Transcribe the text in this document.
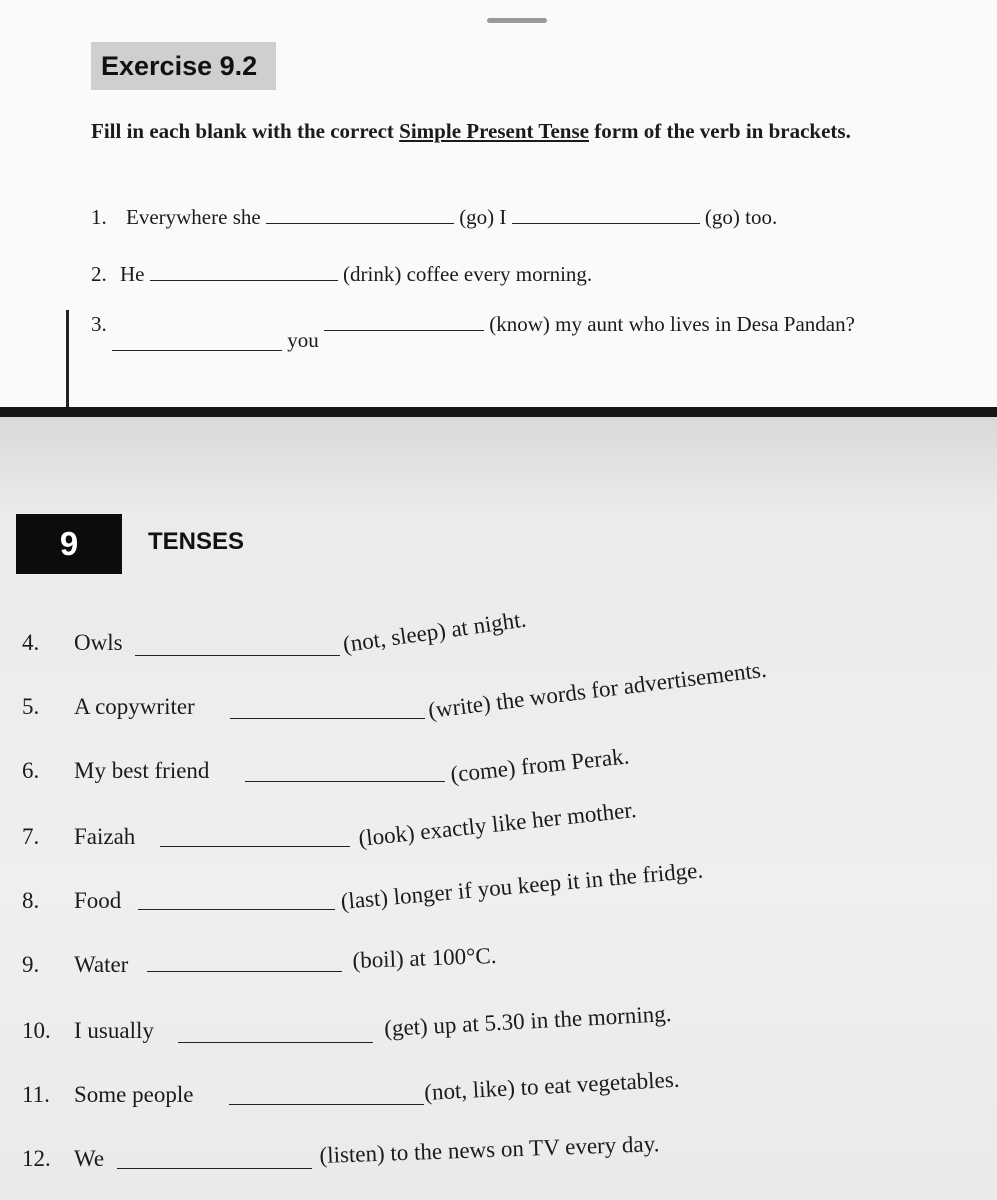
Exercise 9.2
Fill in each blank with the correct Simple Present Tense form of the verb in brackets.
1. Everywhere she	(go) I	(go) too.
2. He	(drink) coffee every morning.
3.  you  (know) my aunt who lives in Desa Pandan?
9	TENSES
4. Owls	(not, sleep) at night.
5. A copywriter	(write) the words for advertisements.
6. My best friend	(come) from Perak.
7. Faizah	(look) exactly like her mother.
8. Food	(last) longer if you keep it in the fridge.
9. Water	(boil) at 100°C.
10. I usually	(get) up at 5.30 in the morning.
11. Some people	(not, like) to eat vegetables.
12. We	(listen) to the news on TV every day.
